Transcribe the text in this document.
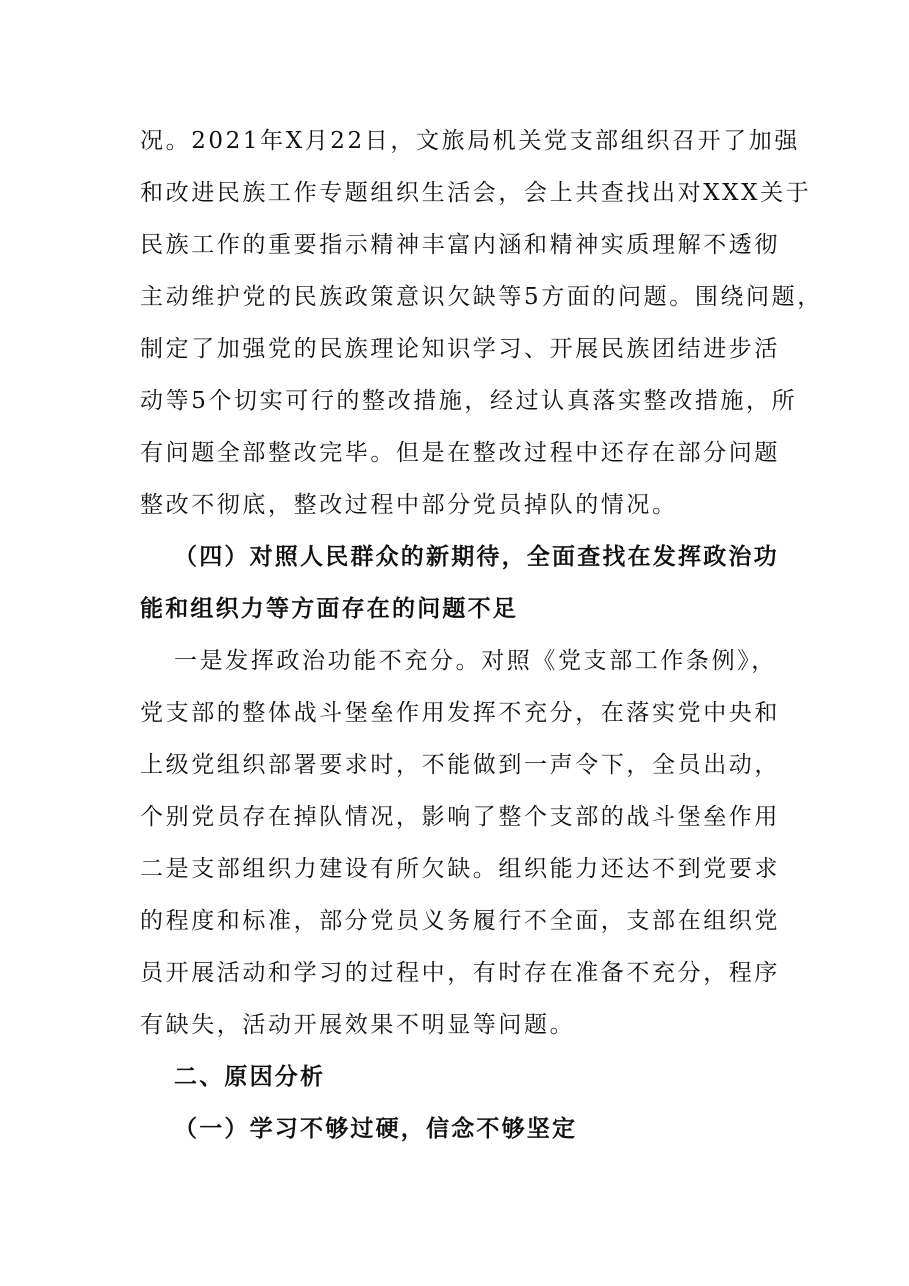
况。2021年X月22日，文旅局机关党支部组织召开了加强
和改进民族工作专题组织生活会，会上共查找出对XXX关于
民族工作的重要指示精神丰富内涵和精神实质理解不透彻
主动维护党的民族政策意识欠缺等5方面的问题。围绕问题，
制定了加强党的民族理论知识学习、开展民族团结进步活
动等5个切实可行的整改措施，经过认真落实整改措施，所
有问题全部整改完毕。但是在整改过程中还存在部分问题
整改不彻底，整改过程中部分党员掉队的情况。
（四）对照人民群众的新期待，全面查找在发挥政治功
能和组织力等方面存在的问题不足
一是发挥政治功能不充分。对照《党支部工作条例》，
党支部的整体战斗堡垒作用发挥不充分，在落实党中央和
上级党组织部署要求时，不能做到一声令下，全员出动，
个别党员存在掉队情况，影响了整个支部的战斗堡垒作用
二是支部组织力建设有所欠缺。组织能力还达不到党要求
的程度和标准，部分党员义务履行不全面，支部在组织党
员开展活动和学习的过程中，有时存在准备不充分，程序
有缺失，活动开展效果不明显等问题。
二、原因分析
（一）学习不够过硬，信念不够坚定
